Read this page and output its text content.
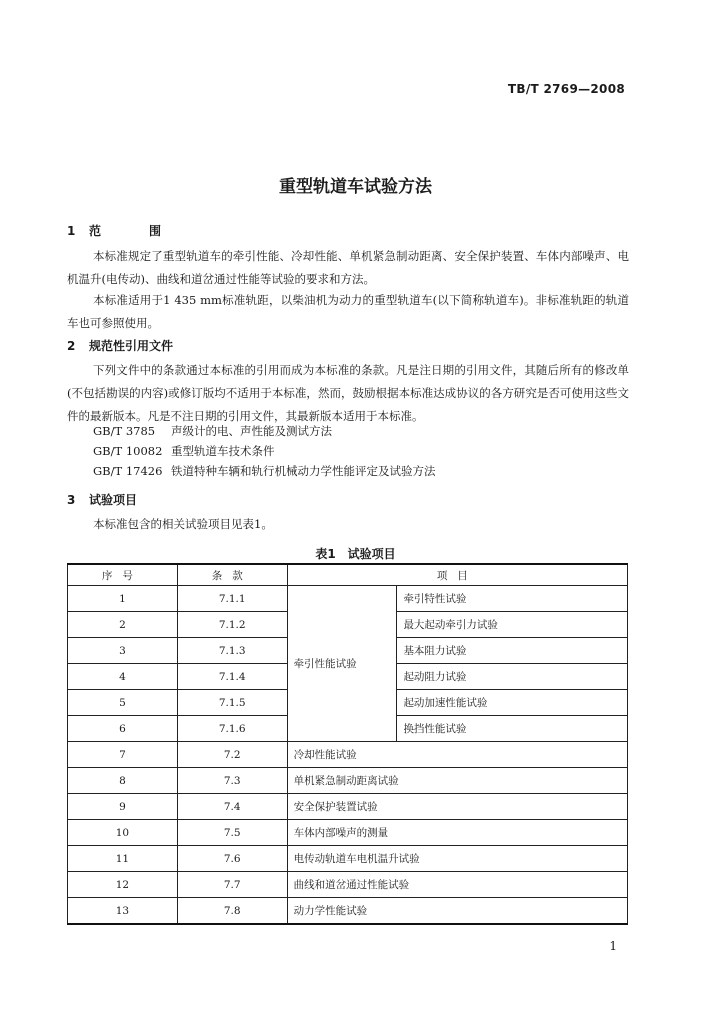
TB/T 2769—2008
重型轨道车试验方法
1 范　围
本标准规定了重型轨道车的牵引性能、冷却性能、单机紧急制动距离、安全保护装置、车体内部噪声、电机温升(电传动)、曲线和道岔通过性能等试验的要求和方法。
本标准适用于1 435 mm标准轨距，以柴油机为动力的重型轨道车(以下简称轨道车)。非标准轨距的轨道车也可参照使用。
2 规范性引用文件
下列文件中的条款通过本标准的引用而成为本标准的条款。凡是注日期的引用文件，其随后所有的修改单(不包括勘误的内容)或修订版均不适用于本标准，然而，鼓励根据本标准达成协议的各方研究是否可使用这些文件的最新版本。凡是不注日期的引用文件，其最新版本适用于本标准。
GB/T 3785 声级计的电、声性能及测试方法
GB/T 10082 重型轨道车技术条件
GB/T 17426 铁道特种车辆和轨行机械动力学性能评定及试验方法
3 试验项目
本标准包含的相关试验项目见表1。
表1　试验项目
序号	条款	项目	
1	7.1.1	牵引性能试验	牵引特性试验
2	7.1.2		最大起动牵引力试验
3	7.1.3		基本阻力试验
4	7.1.4		起动阻力试验
5	7.1.5		起动加速性能试验
6	7.1.6		换挡性能试验
7	7.2	冷却性能试验	
8	7.3	单机紧急制动距离试验	
9	7.4	安全保护装置试验	
10	7.5	车体内部噪声的测量	
11	7.6	电传动轨道车电机温升试验	
12	7.7	曲线和道岔通过性能试验	
13	7.8	动力学性能试验	
1
